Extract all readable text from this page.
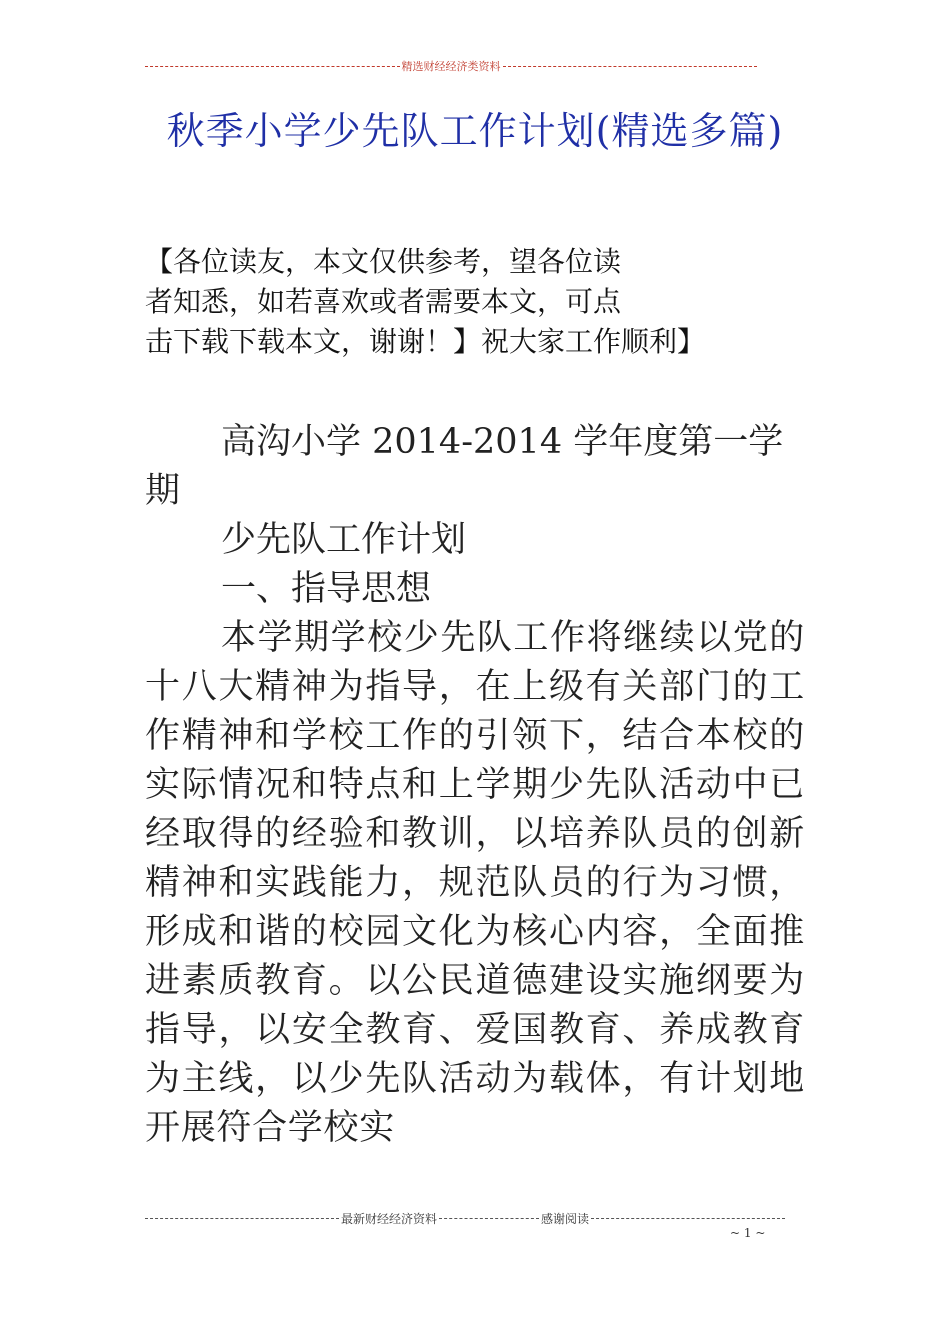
精选财经经济类资料
秋季小学少先队工作计划(精选多篇)
【各位读友，本文仅供参考，望各位读
者知悉，如若喜欢或者需要本文，可点
击下载下载本文，谢谢！】祝大家工作顺利】

高沟小学 2014-2014 学年度第一学

期

少先队工作计划

一、指导思想

本学期学校少先队工作将继续以党的十八大精神为指导，在上级有关部门的工作精神和学校工作的引领下，结合本校的实际情况和特点和上学期少先队活动中已经取得的经验和教训，以培养队员的创新精神和实践能力，规范队员的行为习惯，形成和谐的校园文化为核心内容，全面推进素质教育。以公民道德建设实施纲要为指导，以安全教育、爱国教育、养成教育为主线，以少先队活动为载体，有计划地开展符合学校实

最新财经经济资料	感谢阅读
~ 1 ~
